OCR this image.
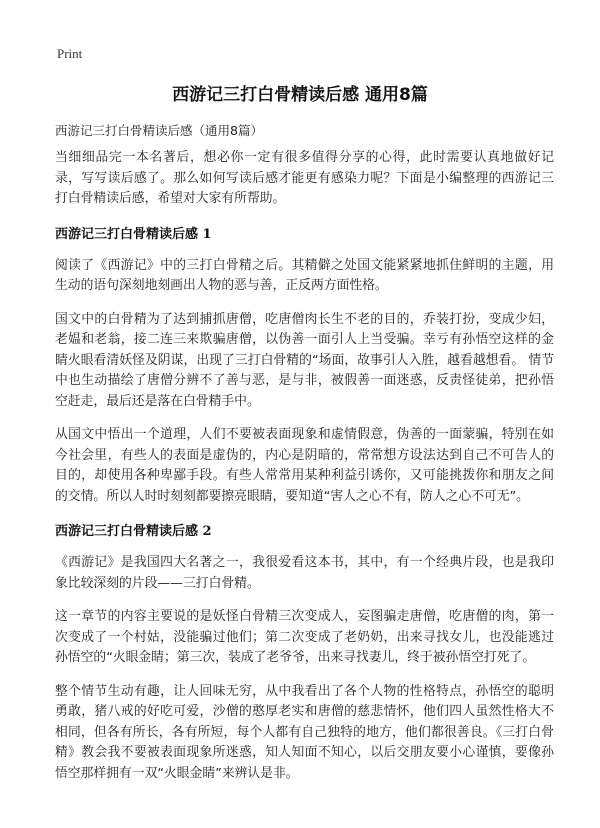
Print
西游记三打白骨精读后感 通用8篇
西游记三打白骨精读后感（通用8篇）

当细细品完一本名著后，想必你一定有很多值得分享的心得，此时需要认真地做好记录，写写读后感了。那么如何写读后感才能更有感染力呢？下面是小编整理的西游记三打白骨精读后感，希望对大家有所帮助。

西游记三打白骨精读后感 1

阅读了《西游记》中的三打白骨精之后。其精僻之处国文能紧紧地抓住鲜明的主题，用生动的语句深刻地刻画出人物的恶与善，正反两方面性格。

国文中的白骨精为了达到捕抓唐僧，吃唐僧肉长生不老的目的，乔装打扮，变成少妇，老媪和老翁，接二连三来欺骗唐僧，以伪善一面引人上当受骗。幸亏有孙悟空这样的金睛火眼看清妖怪及阴谋，出现了三打白骨精的“场面，故事引人入胜，越看越想看。 情节中也生动描绘了唐僧分辨不了善与恶，是与非，被假善一面迷惑，反责怪徒弟，把孙悟空赶走，最后还是落在白骨精手中。

从国文中悟出一个道理，人们不要被表面现象和虚情假意，伪善的一面蒙骗，特别在如今社会里，有些人的表面是虚伪的，内心是阴暗的，常常想方设法达到自己不可告人的目的，却使用各种卑鄙手段。有些人常常用某种利益引诱你，又可能挑拨你和朋友之间的交情。所以人时时刻刻都要擦亮眼睛，要知道“害人之心不有，防人之心不可无”。

西游记三打白骨精读后感 2

《西游记》是我国四大名著之一，我很爱看这本书，其中，有一个经典片段，也是我印象比较深刻的片段——三打白骨精。

这一章节的内容主要说的是妖怪白骨精三次变成人，妄图骗走唐僧，吃唐僧的肉，第一次变成了一个村姑，没能骗过他们；第二次变成了老奶奶，出来寻找女儿，也没能逃过孙悟空的“火眼金睛；第三次，装成了老爷爷，出来寻找妻儿，终于被孙悟空打死了。

整个情节生动有趣，让人回味无穷，从中我看出了各个人物的性格特点，孙悟空的聪明勇敢，猪八戒的好吃可爱，沙僧的憨厚老实和唐僧的慈悲情怀，他们四人虽然性格大不相同，但各有所长，各有所短，每个人都有自己独特的地方，他们都很善良。《三打白骨精》教会我不要被表面现象所迷惑，知人知面不知心，以后交朋友要小心谨慎，要像孙悟空那样拥有一双“火眼金睛”来辨认是非。
